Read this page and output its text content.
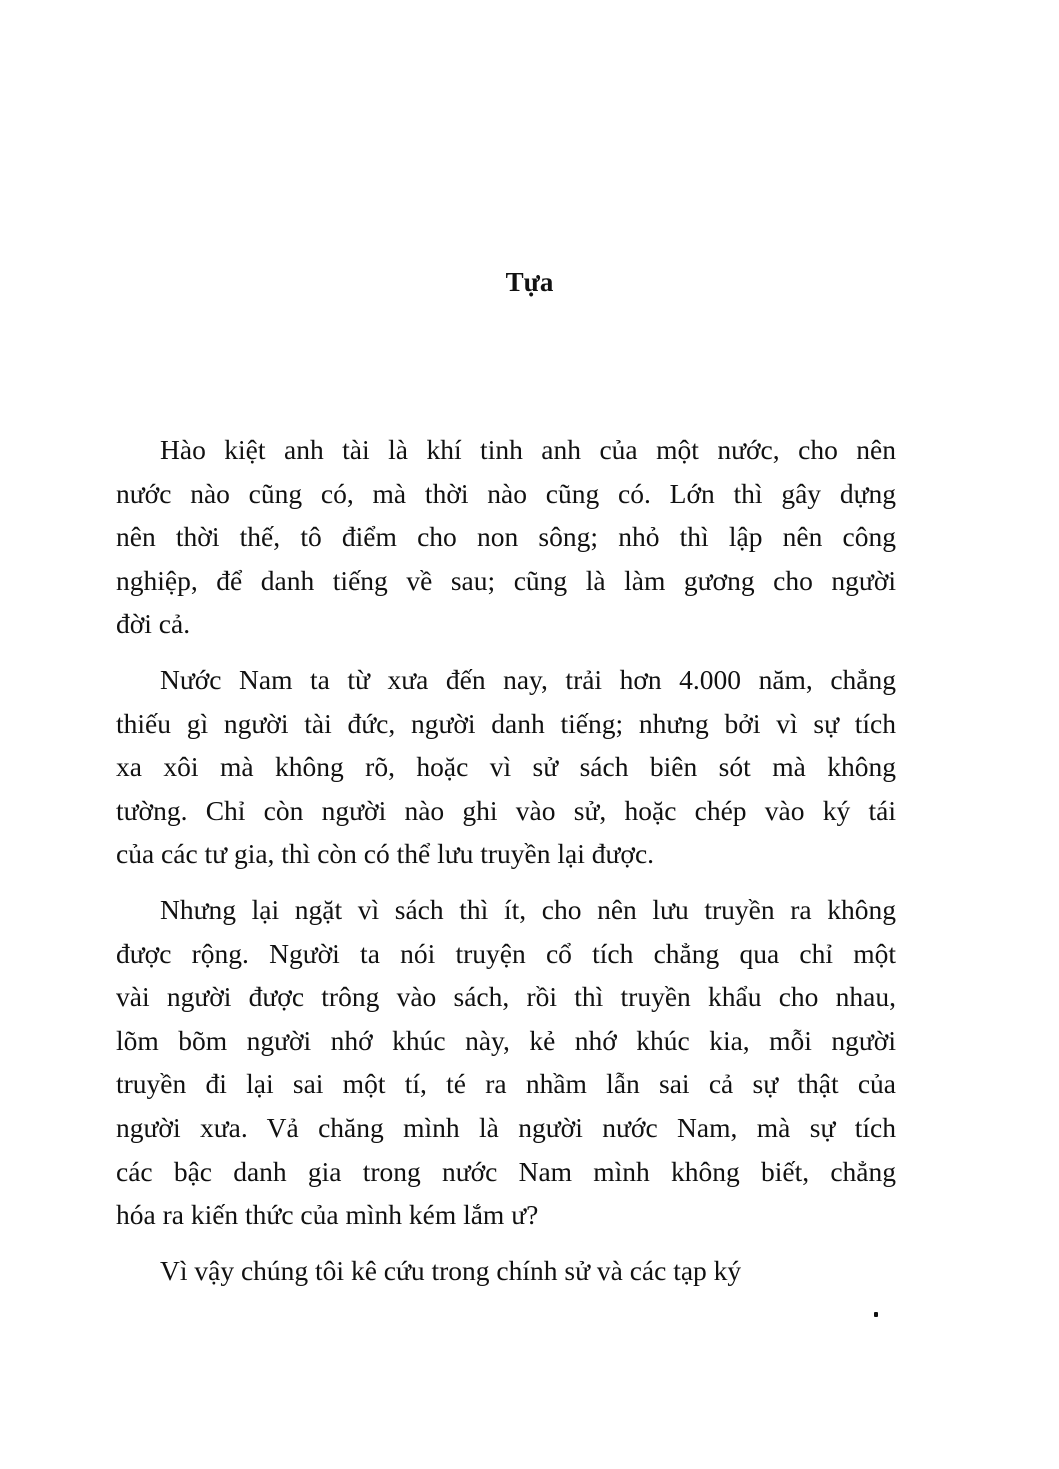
Tựa
Hào kiệt anh tài là khí tinh anh của một nước, cho nên
nước nào cũng có, mà thời nào cũng có. Lớn thì gây dựng
nên thời thế, tô điểm cho non sông; nhỏ thì lập nên công
nghiệp, để danh tiếng về sau; cũng là làm gương cho người
đời cả.
Nước Nam ta từ xưa đến nay, trải hơn 4.000 năm, chẳng
thiếu gì người tài đức, người danh tiếng; nhưng bởi vì sự tích
xa xôi mà không rõ, hoặc vì sử sách biên sót mà không
tường. Chỉ còn người nào ghi vào sử, hoặc chép vào ký tái
của các tư gia, thì còn có thể lưu truyền lại được.
Nhưng lại ngặt vì sách thì ít, cho nên lưu truyền ra không
được rộng. Người ta nói truyện cổ tích chẳng qua chỉ một
vài người được trông vào sách, rồi thì truyền khẩu cho nhau,
lõm bõm người nhớ khúc này, kẻ nhớ khúc kia, mỗi người
truyền đi lại sai một tí, té ra nhầm lẫn sai cả sự thật của
người xưa. Vả chăng mình là người nước Nam, mà sự tích
các bậc danh gia trong nước Nam mình không biết, chẳng
hóa ra kiến thức của mình kém lắm ư?
Vì vậy chúng tôi kê cứu trong chính sử và các tạp ký
